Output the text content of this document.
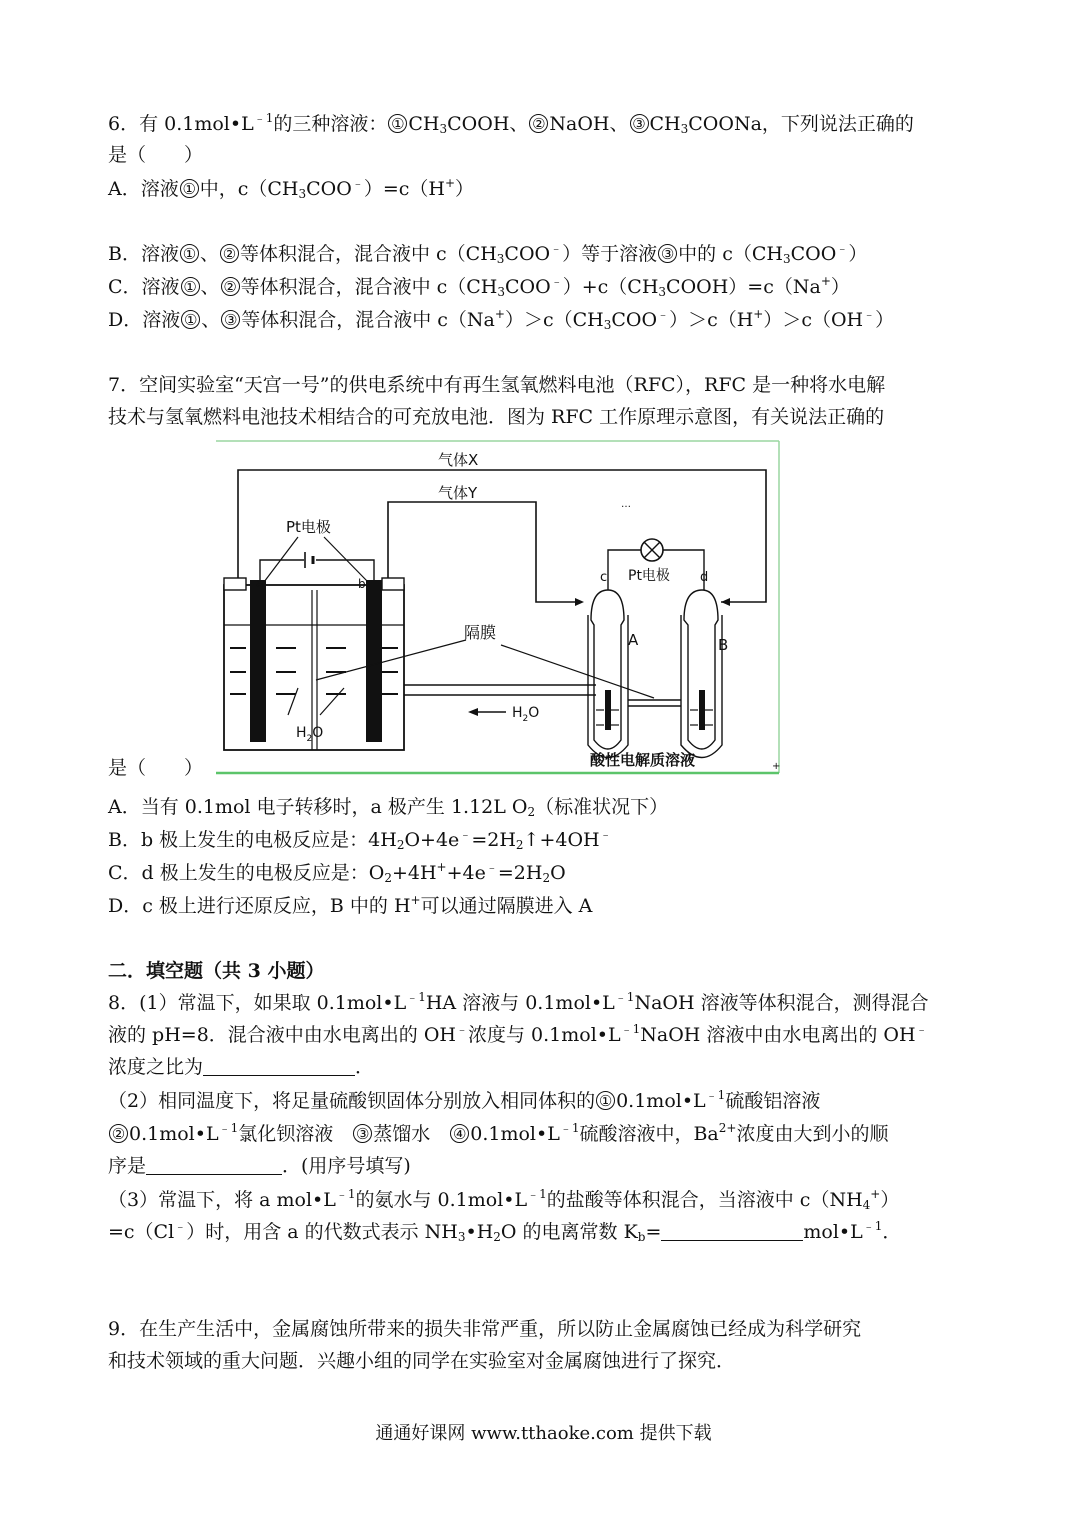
6．有 $0.1mol•L^{﹣1}$的三种溶液： ① $CH_3COOH$、 ② NaOH、 ③ $CH_3COONa$，下列说法正确的
是（　　）
A．溶液 ① 中，$c(CH_3COO^﹣)=c(H^+)$
B．溶液 ① 、 ② 等体积混合，混合液中 $c(CH_3COO^﹣)$等于溶液 ③ 中的 $c(CH_3COO^﹣)$
C．溶液 ① 、 ② 等体积混合，混合液中 $c(CH_3COO^﹣)+c(CH_3COOH)=c(Na^+)$
D．溶液 ① 、 ③ 等体积混合，混合液中 $c(Na^+)>c(CH_3COO^﹣)>c(H^+)>c(OH^﹣)$
7．空间实验室“天宫一号”的供电系统中有再生氢氧燃料电池（RFC），RFC 是一种将水电解
技术与氢氧燃料电池技术相结合的可充放电池．图为 RFC 工作原理示意图，有关说法正确的
+
气体X
气体Y
…
a	b
Pt电极
$H_2O$
$H_2O$
隔膜
Pt电极
c	d
A	B
酸性电解质溶液
是（　　）
A．当有 0.1mol 电子转移时，a 极产生 1.12L $O_2$（标准状况下）
B．b 极上发生的电极反应是：$4H_2O+4e^﹣=2H_2↑+4OH^﹣$
C．d 极上发生的电极反应是：$O_2+4H^++4e^﹣=2H_2O$
D．c 极上进行还原反应，B 中的 H+可以通过隔膜进入 A
二．填空题（共 3 小题）
8．(1）常温下，如果取 $0.1mol•L^{﹣1}HA$ 溶液与 $0.1mol•L^{﹣1}NaOH$ 溶液等体积混合，测得混合
液的 pH=8．混合液中由水电离出的 OH﹣浓度与 $0.1mol•L^{﹣1}NaOH$ 溶液中由水电离出的 OH﹣
浓度之比为	．
（2）相同温度下，将足量硫酸钡固体分别放入相同体积的 ① $0.1mol•L^{﹣1}$硫酸铝溶液
② $0.1mol•L^{﹣1}$氯化钡溶液　③ 蒸馏水　④ $0.1mol•L^{﹣1}$硫酸溶液中，$Ba^{2+}$浓度由大到小的顺
序是	．(用序号填写)
（3）常温下，将 a $mol•L^{﹣1}$的氨水与 $0.1mol•L^{﹣1}$的盐酸等体积混合，当溶液中 $c(NH_4^+)$
=c（Cl﹣）时，用含 a 的代数式表示 $NH_3•H_2O$ 的电离常数 $K_b=$	$mol•L^{﹣1}$．
9．在生产生活中，金属腐蚀所带来的损失非常严重，所以防止金属腐蚀已经成为科学研究
和技术领域的重大问题．兴趣小组的同学在实验室对金属腐蚀进行了探究．
通通好课网 www.tthaoke.com 提供下载
